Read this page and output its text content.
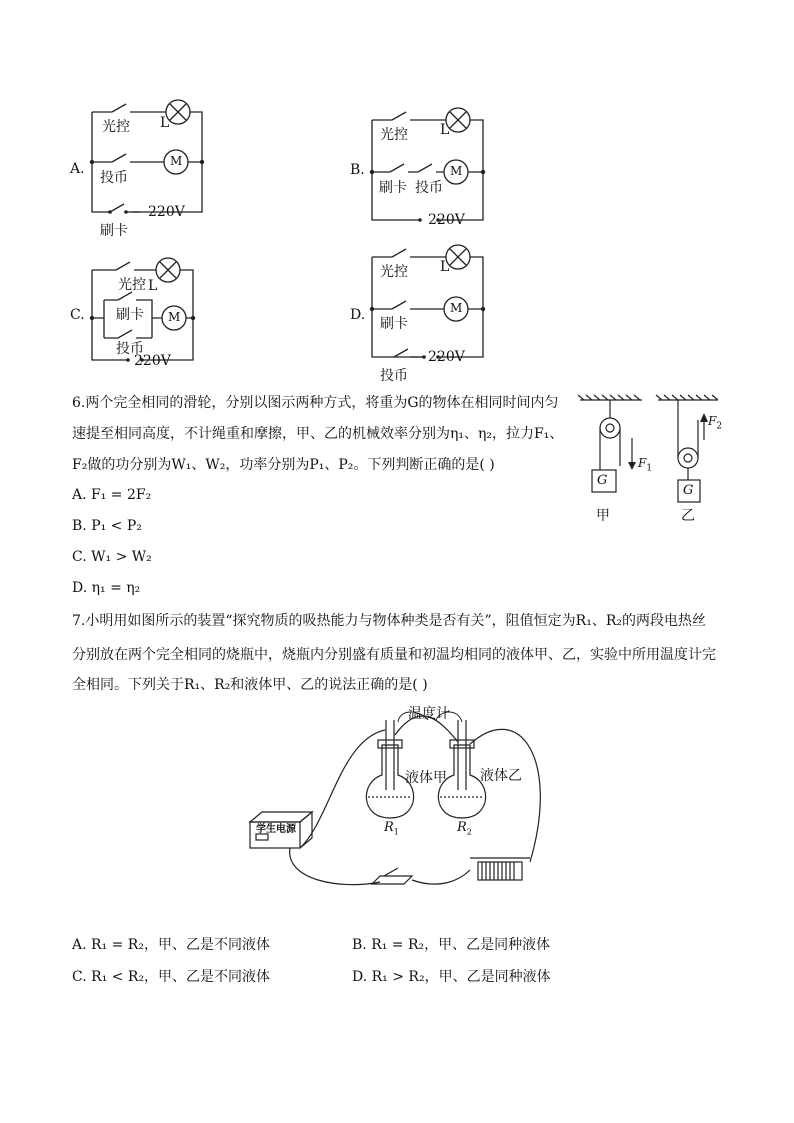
A.
光控 L
投币
M
刷卡
220V
B.
光控 L
刷卡 投币
M
220V
C.
光控 L
刷卡
投币
M
220V
D.
光控 L
刷卡
M
投币
220V
6.两个完全相同的滑轮，分别以图示两种方式，将重为G的物体在相同时间内匀
速提至相同高度，不计绳重和摩擦，甲、乙的机械效率分别为η₁、η₂，拉力F₁、
F₂做的功分别为W₁、W₂，功率分别为P₁、P₂。下列判断正确的是( )
A. F₁ = 2F₂
B. P₁ < P₂
C. W₁ > W₂
D. η₁ = η₂
G
G
$F_1$
$F_2$
甲	乙
7.小明用如图所示的装置“探究物质的吸热能力与物体种类是否有关”，阻值恒定为R₁、R₂的两段电热丝
分别放在两个完全相同的烧瓶中，烧瓶内分别盛有质量和初温均相同的液体甲、乙，实验中所用温度计完
全相同。下列关于R₁、R₂和液体甲、乙的说法正确的是( )
温度计
液体甲 液体乙
$R_1$	$R_2$
学生电源
A. R₁ = R₂，甲、乙是不同液体	B. R₁ = R₂，甲、乙是同种液体
C. R₁ < R₂，甲、乙是不同液体	D. R₁ > R₂，甲、乙是同种液体
